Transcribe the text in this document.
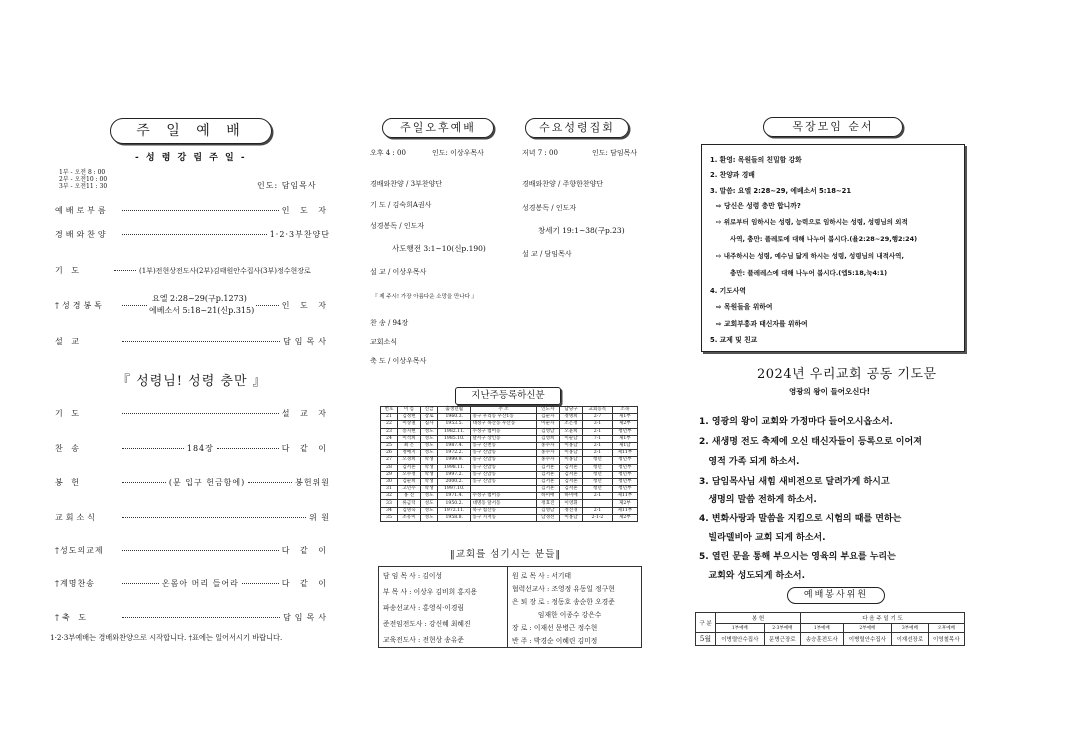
주 일 예 배
- 성 령 강 림 주 일 -
1부 - 오전 8 : 00
2부 - 오전10 : 00
3부 - 오전11 : 30	인도: 담임목사
예배로부름	인 도 자
경배와찬양	1·2·3부찬양단
기 도	(1부)전현상전도사(2부)김태원안수집사(3부)정수현장로
†성경봉독	인 도 자
요엘 2:28~29(구p.1273)
에베소서 5:18~21(신p.315)
설 교	담임목사
『 성령님! 성령 충만 』
기 도	설 교 자
찬 송	184장	다 같 이
봉 헌	(문 입구 헌금함에)	봉헌위원
교회소식	위 원
†성도의교제	다 같 이
†계명찬송	온몸아 머리 들어라	다 같 이
†축 도	담임목사
1·2·3부예배는 경배와찬양으로 시작합니다. †표에는 일어서시기 바랍니다.
주일오후예배	수요성령집회
오후 4 : 00	인도: 이상우목사
경배와찬양 / 3부찬양단
기 도 / 김숙희A권사
성경봉독 / 인도자
사도행전 3:1~10(신p.190)
설 교 / 이상우목사
『 제 주시! 가장 아름다운 소망을 만나다 』
찬 송 / 94장
교회소식
축 도 / 이상우목사
저녁 7 : 00	인도: 담임목사
경배와찬양 / 주향한찬양단
성경봉독 / 인도자
창세기 19:1~38(구p.23)
설 교 / 담임목사
지난주등록하신분
번호	이 름	신급	출생년월	주 소	인도자	담당구	교회등록	소속
21	김정현	장로	1960.3.	중구 우리동 우산1동	김순자	정병희	2-7	제1부
22	이상철	집사	1953.5.	대성구 목산동 우산동	이순자	조은정	3-1	제2부
23	송지현	성도	1982.11.	수성구 범어동	김영남	오윤희	2-1	청년부
24	이석희	성도	1985.10.	달서구 상인동	김영희	이순남	7-1	제1부
25	최 은	성도	1987.4.	동구 신천동	홍수자	이홍남	2-1	제1남
26	정예지	성도	1972.2.	동구 신암동	홍수자	이홍남	2-1	제11부
27	오경희	학생	1999.9.	동구 신암동	홍수자	이홍남	청년	청년부
28	김서흔	학생	1998.11.	동구 신암동	김서흔	김서흔	청년	청년부
29	오수정	학생	1997.2.	동구 신암동	김서흔	김서흔	청년	청년부
30	김순희	학생	2000.2.	동구 신암동	김서흔	김서흔	청년	청년부
31	고민수	학생	1997.10.		김서흔	김서흔	청년	청년부
32	홍 진	성도	1971.4.	수성구 범어동	하미애	하미애	2-1	제11부
33	류금덕	성도	1950.2.	대명동 달서동	정효진	이영휘		제2부
34	김명숙	성도	1972.11.	북구 침산동	김영남	정진경	2-1	제11부
35	조유미	성도	1958.8.	동구 지저동	남경선	이홍남	2-1-2	제2부
‖교회를 섬기시는 분들‖
담 임 목 사 : 김이성
부 목 사 : 이상우 김비희 홍지용
파송선교사 : 홍영식·이경림
준전임전도사 : 강신혜 최혜진
교육전도사 : 전현상 송유준
원 로 목 사 : 서기태
협력선교사 : 조영정 유동일 정구현
은 퇴 장 로 : 정동호 송순한 오경준
임재한 이종수 강은수
장 로 : 이재선 문병근 정수현
반 주 : 박경순 이혜린 김미정
목장모임 순서
1. 환영: 목원들의 친밀함 강화
2. 찬양과 경배
3. 말씀: 요엘 2:28~29, 에베소서 5:18~21
⇨ 당신은 성령 충만 합니까?
⇨ 위로부터 임하시는 성령, 능력으로 임하시는 성령, 성령님의 외적
사역, 충만: 플레토에 대해 나누어 봅시다.(욜2:28~29,행2:24)
⇨ 내주하시는 성령, 예수님 닮게 하시는 성령, 성령님의 내적사역,
충만: 플레레스에 대해 나누어 봅시다.(엡5:18,눅4:1)
4. 기도사역
⇨ 목원들을 위하여
⇨ 교회부흥과 태신자를 위하여
5. 교제 및 친교
2024년 우리교회 공동 기도문
영광의 왕이 들어오신다!
1. 영광의 왕이 교회와 가정마다 들어오시옵소서.
2. 새생명 전도 축제에 오신 태신자들이 등록으로 이어져
영적 가족 되게 하소서.
3. 담임목사님 새힘 새비전으로 달려가게 하시고
생명의 말씀 전하게 하소서.
4. 변화사랑과 말씀을 지킴으로 시험의 때를 면하는
빌라델비아 교회 되게 하소서.
5. 열린 문을 통해 부으시는 영육의 부요를 누리는
교회와 성도되게 하소서.
예배봉사위원
구 분	봉 헌		다 음 주 일 기 도			
	1부예배	2·3부예배	1부예배	2부예배	3부예배	오후예배
5월	이병렬안수집사	문병근장로	송승훈전도사	이병렬안수집사	이재선장로	이영철목사
